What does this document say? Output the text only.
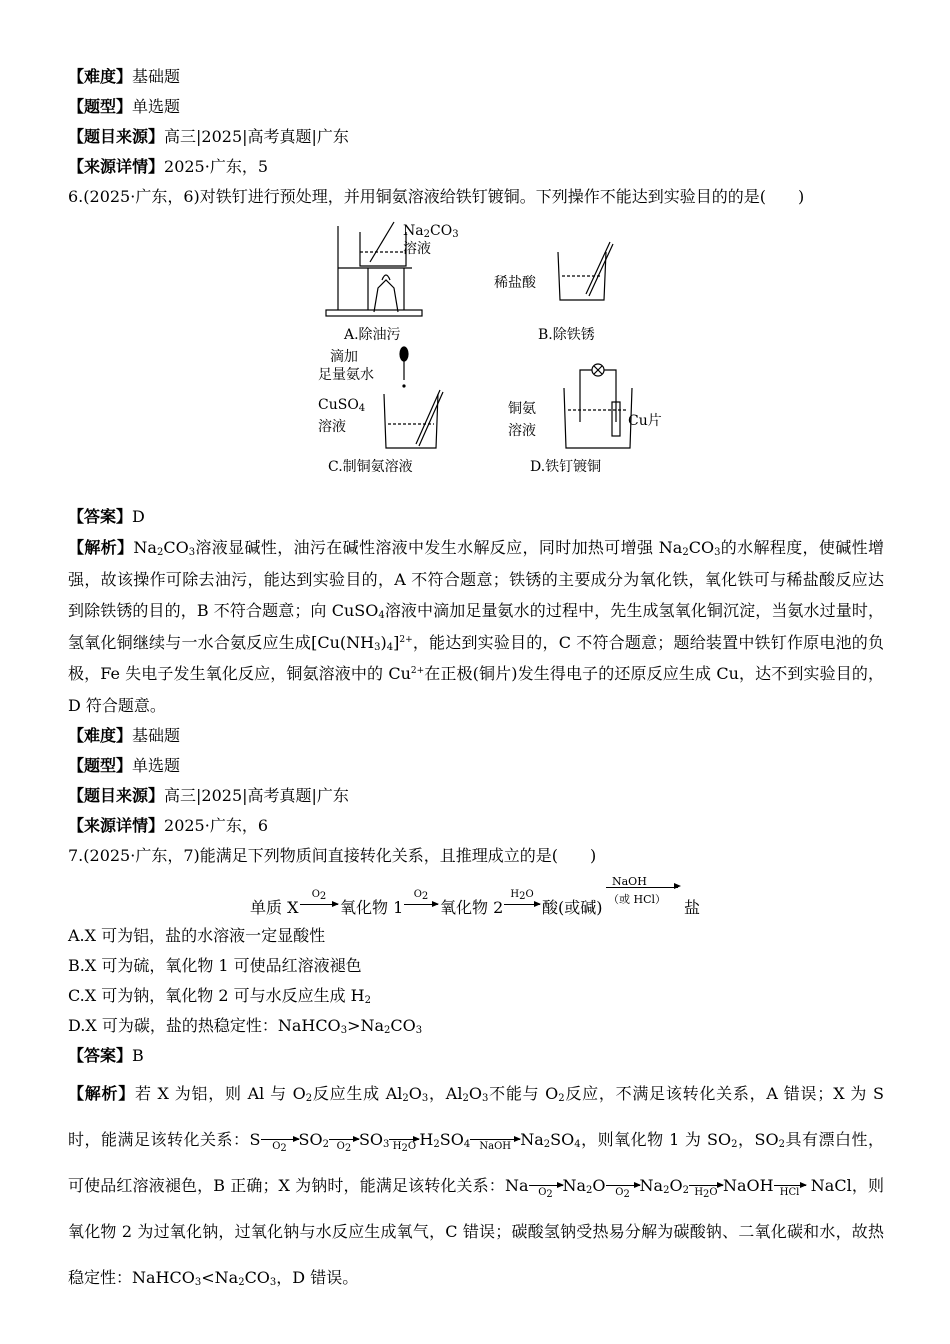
【难度】基础题

【题型】单选题

【题目来源】高三|2025|高考真题|广东

【来源详情】2025·广东，5

6.(2025·广东，6)对铁钉进行预处理，并用铜氨溶液给铁钉镀铜。下列操作不能达到实验目的的是(　　)

$Na_2CO_3$
溶液
A.除油污
稀盐酸
B.除铁锈
滴加
足量氨水
CuSO$_4$
溶液
C.制铜氨溶液
铜氨
溶液
Cu片
D.铁钉镀铜

【答案】D

【解析】$Na_2CO_3$溶液显碱性，油污在碱性溶液中发生水解反应，同时加热可增强 $Na_2CO_3$的水解程度，使碱性增强，故该操作可除去油污，能达到实验目的，A 不符合题意；铁锈的主要成分为氧化铁，氧化铁可与稀盐酸反应达到除铁锈的目的，B 不符合题意；向 CuSO$_4$溶液中滴加足量氨水的过程中，先生成氢氧化铜沉淀，当氨水过量时，氢氧化铜继续与一水合氨反应生成$[Cu(NH_3)_4]^{2+}$，能达到实验目的，C 不符合题意；题给装置中铁钉作原电池的负极，Fe 失电子发生氧化反应，铜氨溶液中的 $Cu^{2+}$在正极(铜片)发生得电子的还原反应生成 Cu，达不到实验目的，D 符合题意。

【难度】基础题

【题型】单选题

【题目来源】高三|2025|高考真题|广东

【来源详情】2025·广东，6

7.(2025·广东，7)能满足下列物质间直接转化关系，且推理成立的是(　　)

单质 X
$O_2$
氧化物 1
$O_2$
氧化物 2
$H_2O$
酸(或碱)
NaOH
（或 HCl） 盐

A.X 可为铝，盐的水溶液一定显酸性

B.X 可为硫，氧化物 1 可使品红溶液褪色

C.X 可为钠，氧化物 2 可与水反应生成 $H_2$

D.X 可为碳，盐的热稳定性：$NaHCO_3>Na_2CO_3$

【答案】B

【解析】若 X 为铝，则 Al 与 $O_2$反应生成 $Al_2O_3$，$Al_2O_3$不能与 $O_2$反应，不满足该转化关系，A 错误；X 为 S 时，能满足该转化关系：S	$O_2$ $SO_2$ $O_2$ $SO_3$ $H_2O$ $H_2SO_4$ NaOH $Na_2SO_4$，则氧化物 1 为 $SO_2$，$SO_2$具有漂白性，可使品红溶液褪色，B 正确；X 为钠时，能满足该转化关系：Na $O_2$ $Na_2O$ $O_2$ $Na_2O_2$ $H_2O$ NaOH HCl NaCl，则氧化物 2 为过氧化钠，过氧化钠与水反应生成氧气，C 错误；碳酸氢钠受热易分解为碳酸钠、二氧化碳和水，故热稳定性：$NaHCO_3<Na_2CO_3$，D 错误。
